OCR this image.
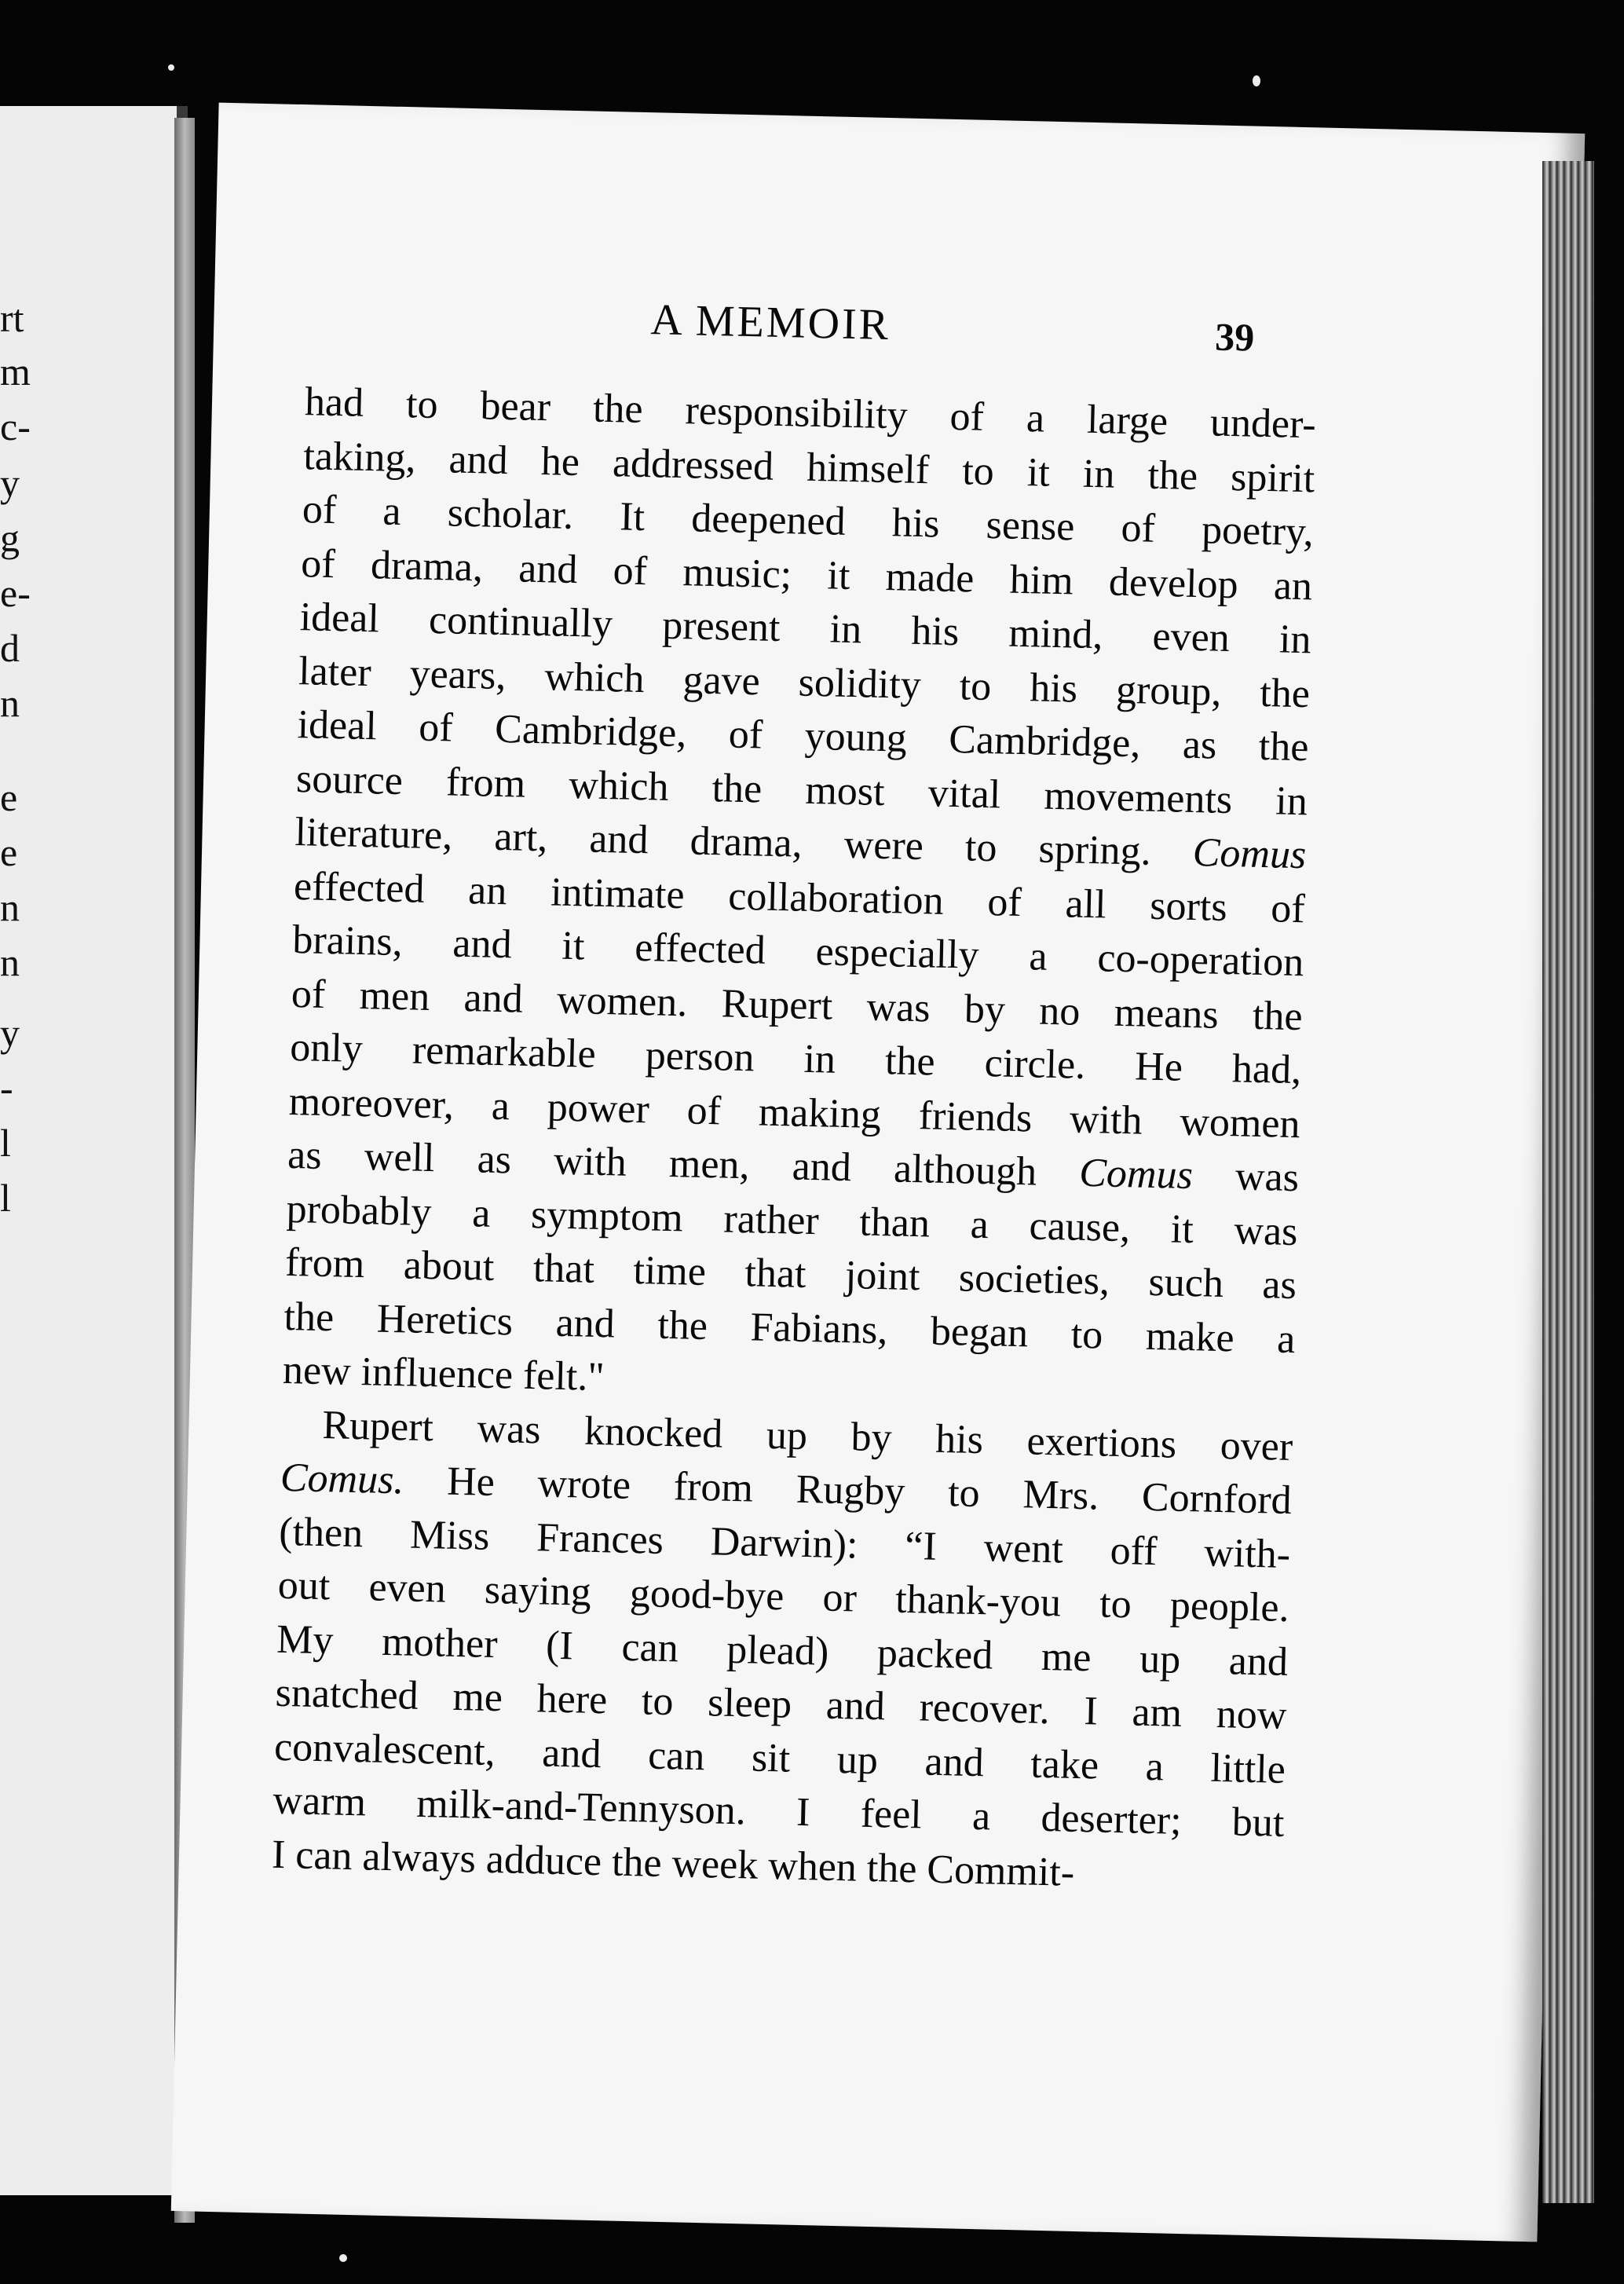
rt
m
c-
y
g
e-
d
n
e
e
n
n
y
-
l
l
A MEMOIR	39
had to bear the responsibility of a large under-
taking, and he addressed himself to it in the spirit
of a scholar. It deepened his sense of poetry,
of drama, and of music; it made him develop an
ideal continually present in his mind, even in
later years, which gave solidity to his group, the
ideal of Cambridge, of young Cambridge, as the
source from which the most vital movements in
literature, art, and drama, were to spring. Comus
effected an intimate collaboration of all sorts of
brains, and it effected especially a co-operation
of men and women. Rupert was by no means the
only remarkable person in the circle. He had,
moreover, a power of making friends with women
as well as with men, and although Comus was
probably a symptom rather than a cause, it was
from about that time that joint societies, such as
the Heretics and the Fabians, began to make a
new influence felt."
Rupert was knocked up by his exertions over
Comus. He wrote from Rugby to Mrs. Cornford
(then Miss Frances Darwin): “I went off with-
out even saying good-bye or thank-you to people.
My mother (I can plead) packed me up and
snatched me here to sleep and recover. I am now
convalescent, and can sit up and take a little
warm milk-and-Tennyson. I feel a deserter; but
I can always adduce the week when the Commit-
